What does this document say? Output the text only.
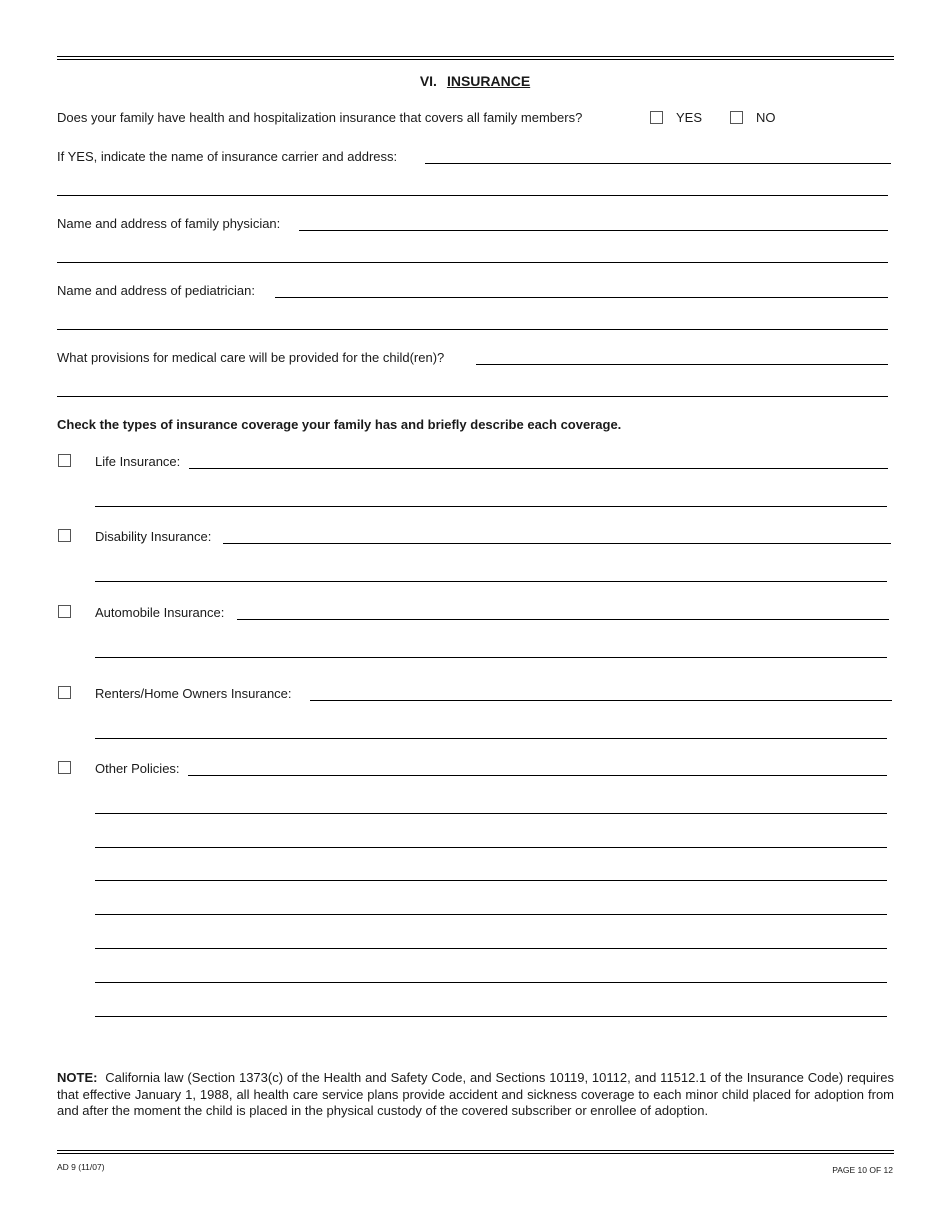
VI. INSURANCE
Does your family have health and hospitalization insurance that covers all family members?	YES	NO
If YES, indicate the name of insurance carrier and address:
Name and address of family physician:
Name and address of pediatrician:
What provisions for medical care will be provided for the child(ren)?
Check the types of insurance coverage your family has and briefly describe each coverage.
Life Insurance:
Disability Insurance:
Automobile Insurance:
Renters/Home Owners Insurance:
Other Policies:
NOTE: California law (Section 1373(c) of the Health and Safety Code, and Sections 10119, 10112, and 11512.1 of the Insurance Code) requires that effective January 1, 1988, all health care service plans provide accident and sickness coverage to each minor child placed for adoption from and after the moment the child is placed in the physical custody of the covered subscriber or enrollee of adoption.
AD 9 (11/07)	PAGE 10 OF 12
